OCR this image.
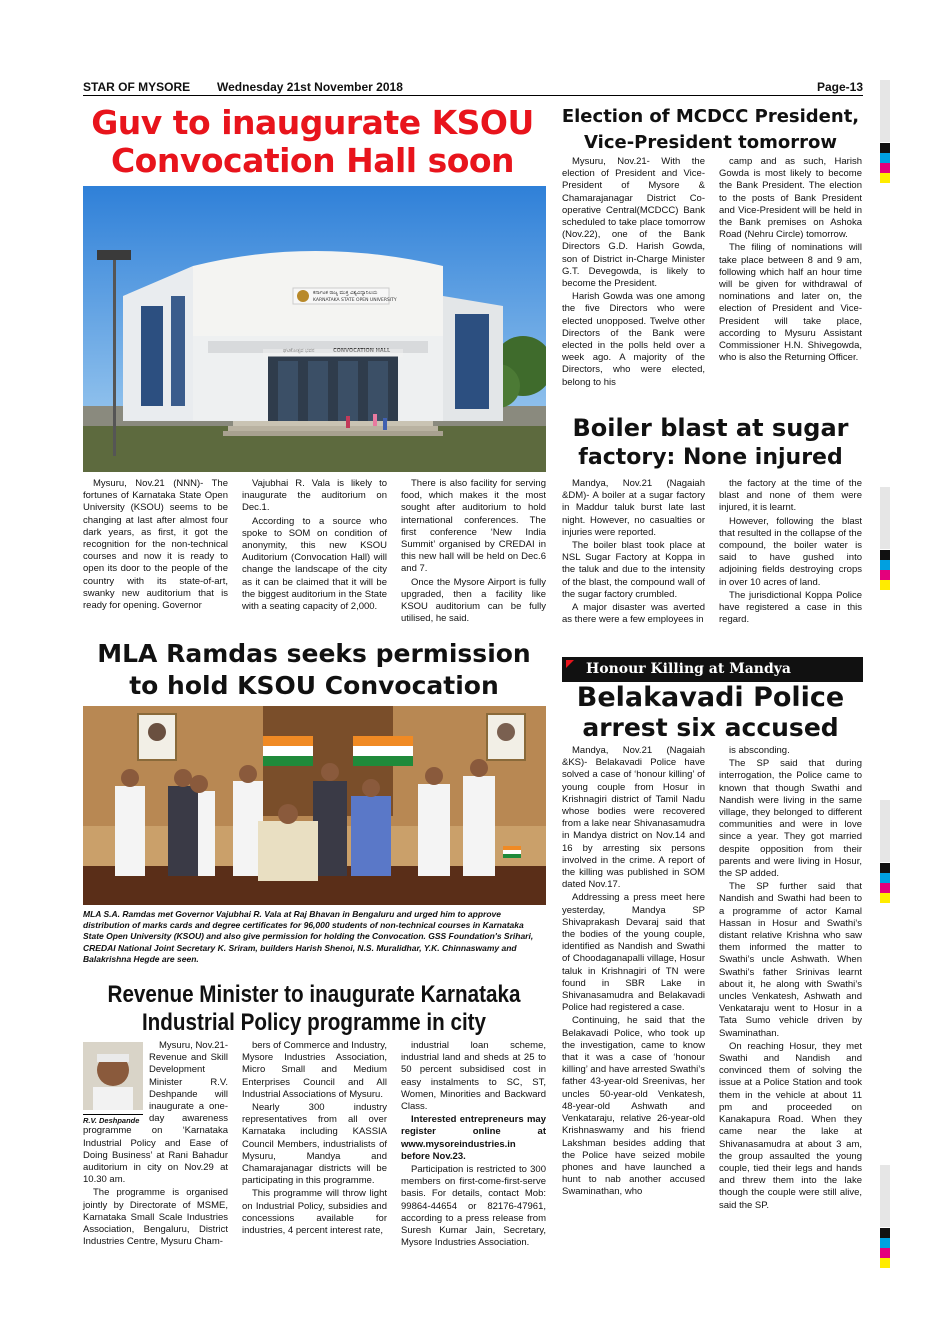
STAR OF MYSORE Wednesday 21st November 2018	Page-13
Guv to inaugurate KSOU
Convocation Hall soon
ಕರ್ನಾಟಕ ರಾಜ್ಯ ಮುಕ್ತ ವಿಶ್ವವಿದ್ಯಾನಿಲಯ
KARNATAKA STATE OPEN UNIVERSITY

Mysuru, Nov.21 (NNN)- The fortunes of Karnataka State Open University (KSOU) seems to be changing at last after almost four dark years, as first, it got the recognition for the non-technical courses and now it is ready to open its door to the people of the country with its state-of-art, swanky new auditorium that is ready for opening. Governor

Vajubhai R. Vala is likely to inaugurate the auditorium on Dec.1.

According to a source who spoke to SOM on condition of anonymity, this new KSOU Auditorium (Convocation Hall) will change the landscape of the city as it can be claimed that it will be the biggest auditorium in the State with a seating capacity of 2,000.

There is also facility for serving food, which makes it the most sought after auditorium to hold international conferences. The first conference ‘New India Summit’ organised by CREDAI in this new hall will be held on Dec.6 and 7.

Once the Mysore Airport is fully upgraded, then a facility like KSOU auditorium can be fully utilised, he said.

Election of MCDCC President,
Vice-President tomorrow

Mysuru, Nov.21- With the election of President and Vice-President of Mysore & Chamarajanagar District Co-operative Central(MCDCC) Bank scheduled to take place tomorrow (Nov.22), one of the Bank Directors G.D. Harish Gowda, son of District in-Charge Minister G.T. Devegowda, is likely to become the President.

Harish Gowda was one among the five Directors who were elected unopposed. Twelve other Directors of the Bank were elected in the polls held over a week ago. A majority of the Directors, who were elected, belong to his

camp and as such, Harish Gowda is most likely to become the Bank President. The election to the posts of Bank President and Vice-President will be held in the Bank premises on Ashoka Road (Nehru Circle) tomorrow.

The filing of nominations will take place between 8 and 9 am, following which half an hour time will be given for withdrawal of nominations and later on, the election of President and Vice-President will take place, according to Mysuru Assistant Commissioner H.N. Shivegowda, who is also the Returning Officer.

Boiler blast at sugar
factory: None injured

Mandya, Nov.21 (Nagaiah &DM)- A boiler at a sugar factory in Maddur taluk burst late last night. However, no casualties or injuries were reported.

The boiler blast took place at NSL Sugar Factory at Koppa in the taluk and due to the intensity of the blast, the compound wall of the sugar factory crumbled.

A major disaster was averted as there were a few employees in

the factory at the time of the blast and none of them were injured, it is learnt.

However, following the blast that resulted in the collapse of the compound, the boiler water is said to have gushed into adjoining fields destroying crops in over 10 acres of land.

The jurisdictional Koppa Police have registered a case in this regard.

MLA Ramdas seeks permission
to hold KSOU Convocation
MLA S.A. Ramdas met Governor Vajubhai R. Vala at Raj Bhavan in Bengaluru and urged him to approve distribution of marks cards and degree certificates for 96,000 students of non-technical courses in Karnataka State Open University (KSOU) and also give permission for holding the Convocation. GSS Foundation's Srihari, CREDAI National Joint Secretary K. Sriram, builders Harish Shenoi, N.S. Muralidhar, Y.K. Chinnaswamy and Balakrishna Hegde are seen.
Revenue Minister to inaugurate Karnataka
Industrial Policy programme in city
R.V. Deshpande

Mysuru, Nov.21- Revenue and Skill Development Minister R.V. Deshpande will inaugurate a one-day awareness programme on ‘Karnataka Industrial Policy and Ease of Doing Business’ at Rani Bahadur auditorium in city on Nov.29 at 10.30 am.

The programme is organised jointly by Directorate of MSME, Karnataka Small Scale Industries Association, Bengaluru, District Industries Centre, Mysuru Cham-

bers of Commerce and Industry, Mysore Industries Association, Micro Small and Medium Enterprises Council and All Industrial Associations of Mysuru.

Nearly 300 industry representatives from all over Karnataka including KASSIA Council Members, industrialists of Mysuru, Mandya and Chamarajanagar districts will be participating in this programme.

This programme will throw light on Industrial Policy, subsidies and concessions available for industries, 4 percent interest rate,

industrial loan scheme, industrial land and sheds at 25 to 50 percent subsidised cost in easy instalments to SC, ST, Women, Minorities and Backward Class.

Interested entrepreneurs may register online at www.mysoreindustries.in before Nov.23.

Participation is restricted to 300 members on first-come-first-serve basis. For details, contact Mob: 99864-44654 or 82176-47961, according to a press release from Suresh Kumar Jain, Secretary, Mysore Industries Association.

Honour Killing at Mandya
Belakavadi Police
arrest six accused

Mandya, Nov.21 (Nagaiah &KS)- Belakavadi Police have solved a case of ‘honour killing’ of young couple from Hosur in Krishnagiri district of Tamil Nadu whose bodies were recovered from a lake near Shivanasamudra in Mandya district on Nov.14 and 16 by arresting six persons involved in the crime. A report of the killing was published in SOM dated Nov.17.

Addressing a press meet here yesterday, Mandya SP Shivaprakash Devaraj said that the bodies of the young couple, identified as Nandish and Swathi of Choodaganapalli village, Hosur taluk in Krishnagiri of TN were found in SBR Lake in Shivanasamudra and Belakavadi Police had registered a case.

Continuing, he said that the Belakavadi Police, who took up the investigation, came to know that it was a case of ‘honour killing’ and have arrested Swathi’s father 43-year-old Sreenivas, her uncles 50-year-old Venkatesh, 48-year-old Ashwath and Venkataraju, relative 26-year-old Krishnaswamy and his friend Lakshman besides adding that the Police have seized mobile phones and have launched a hunt to nab another accused Swaminathan, who

is absconding.

The SP said that during interrogation, the Police came to known that though Swathi and Nandish were living in the same village, they belonged to different communities and were in love since a year. They got married despite opposition from their parents and were living in Hosur, the SP added.

The SP further said that Nandish and Swathi had been to a programme of actor Kamal Hassan in Hosur and Swathi’s distant relative Krishna who saw them informed the matter to Swathi’s uncle Ashwath. When Swathi’s father Srinivas learnt about it, he along with Swathi’s uncles Venkatesh, Ashwath and Venkataraju went to Hosur in a Tata Sumo vehicle driven by Swaminathan.

On reaching Hosur, they met Swathi and Nandish and convinced them of solving the issue at a Police Station and took them in the vehicle at about 11 pm and proceeded on Kanakapura Road. When they came near the lake at Shivanasamudra at about 3 am, the group assaulted the young couple, tied their legs and hands and threw them into the lake though the couple were still alive, said the SP.
